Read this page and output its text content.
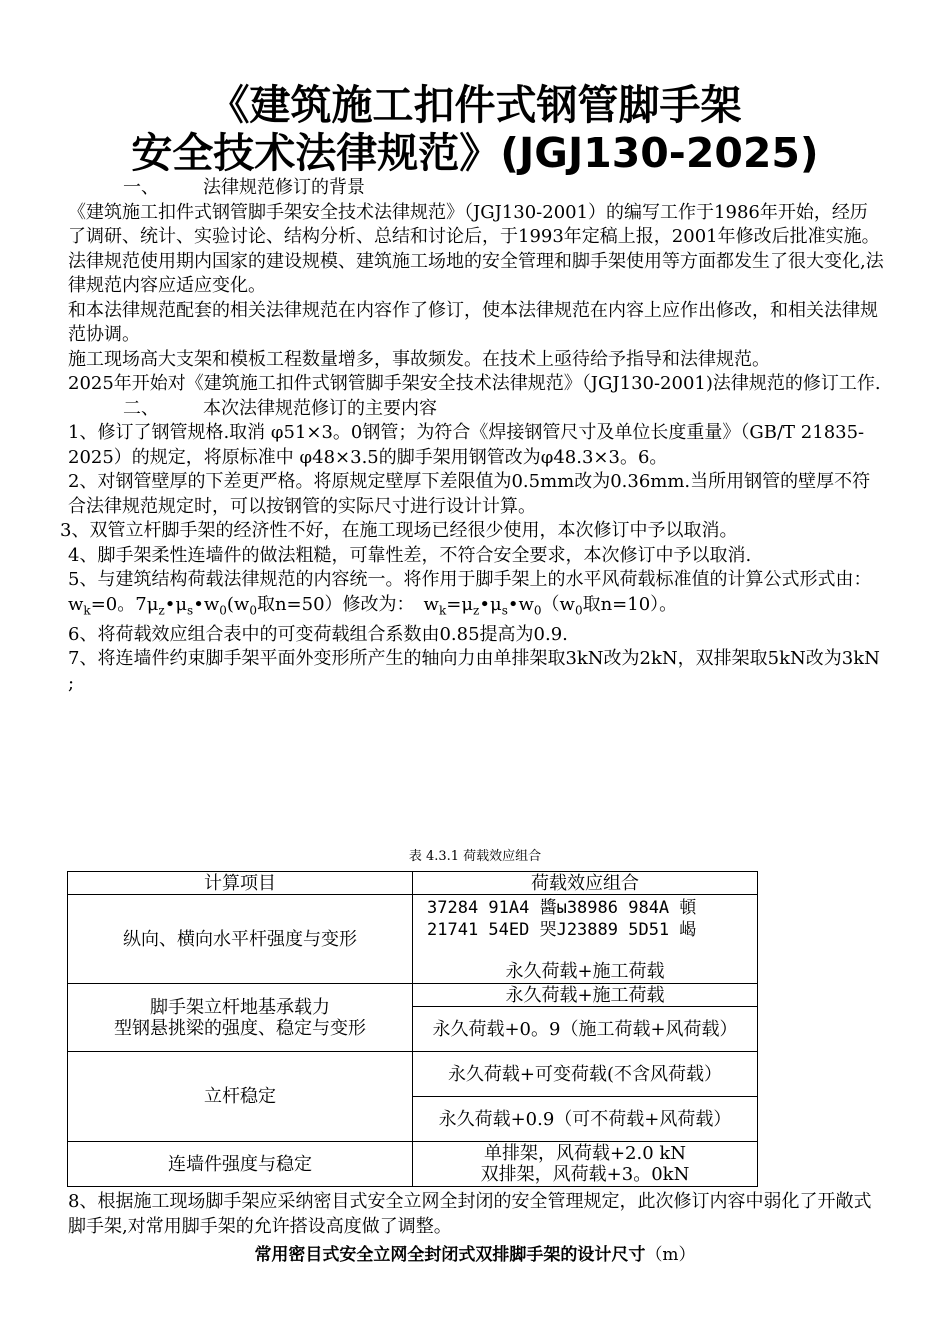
《建筑施工扣件式钢管脚手架
安全技术法律规范》(JGJ130-2025)

一、 法律规范修订的背景

《建筑施工扣件式钢管脚手架安全技术法律规范》（JGJ130-2001）的编写工作于1986年开始，经历了调研、统计、实验讨论、结构分析、总结和讨论后，于1993年定稿上报，2001年修改后批准实施。

法律规范使用期内国家的建设规模、建筑施工场地的安全管理和脚手架使用等方面都发生了很大变化,法律规范内容应适应变化。

和本法律规范配套的相关法律规范在内容作了修订，使本法律规范在内容上应作出修改，和相关法律规范协调。

施工现场高大支架和模板工程数量增多，事故频发。在技术上亟待给予指导和法律规范。

2025年开始对《建筑施工扣件式钢管脚手架安全技术法律规范》（JGJ130-2001)法律规范的修订工作.

二、 本次法律规范修订的主要内容

1、修订了钢管规格.取消 φ51×3。0钢管；为符合《焊接钢管尺寸及单位长度重量》（GB/T 21835-2025）的规定，将原标准中 φ48×3.5的脚手架用钢管改为φ48.3×3。6。

2、对钢管壁厚的下差更严格。将原规定壁厚下差限值为0.5mm改为0.36mm.当所用钢管的壁厚不符合法律规范规定时，可以按钢管的实际尺寸进行设计计算。

3、双管立杆脚手架的经济性不好，在施工现场已经很少使用，本次修订中予以取消。

4、脚手架柔性连墙件的做法粗糙，可靠性差，不符合安全要求，本次修订中予以取消.

5、与建筑结构荷载法律规范的内容统一。将作用于脚手架上的水平风荷载标准值的计算公式形式由：$w_k=0$。$7\mu_z•\mu_s•w_0(w_0$取n=50）修改为：　$w_k=\mu_z•\mu_s•w_0(w_0$取n=10）。

6、将荷载效应组合表中的可变荷载组合系数由0.85提高为0.9.

7、将连墙件约束脚手架平面外变形所产生的轴向力由单排架取3kN改为2kN，双排架取5kN改为3kN ;

表 4.3.1 荷载效应组合
计算项目	荷载效应组合
纵向、横向水平杆强度与变形	37284 91A4 醬ы38986 984A 頓
21741 54ED 哭J23889 5D51 嵑
永久荷载+施工荷载

脚手架立杆地基承载力
型钢悬挑梁的强度、稳定与变形	永久荷载+施工荷载
	永久荷载+0。9（施工荷载+风荷载）
立杆稳定	永久荷载+可变荷载(不含风荷载）
	永久荷载+0.9（可不荷载+风荷载）
连墙件强度与稳定	单排架，风荷载+2.0 kN
双排架，风荷载+3。0kN

8、根据施工现场脚手架应采纳密目式安全立网全封闭的安全管理规定，此次修订内容中弱化了开敞式脚手架,对常用脚手架的允许搭设高度做了调整。

常用密目式安全立网全封闭式双排脚手架的设计尺寸（m）
